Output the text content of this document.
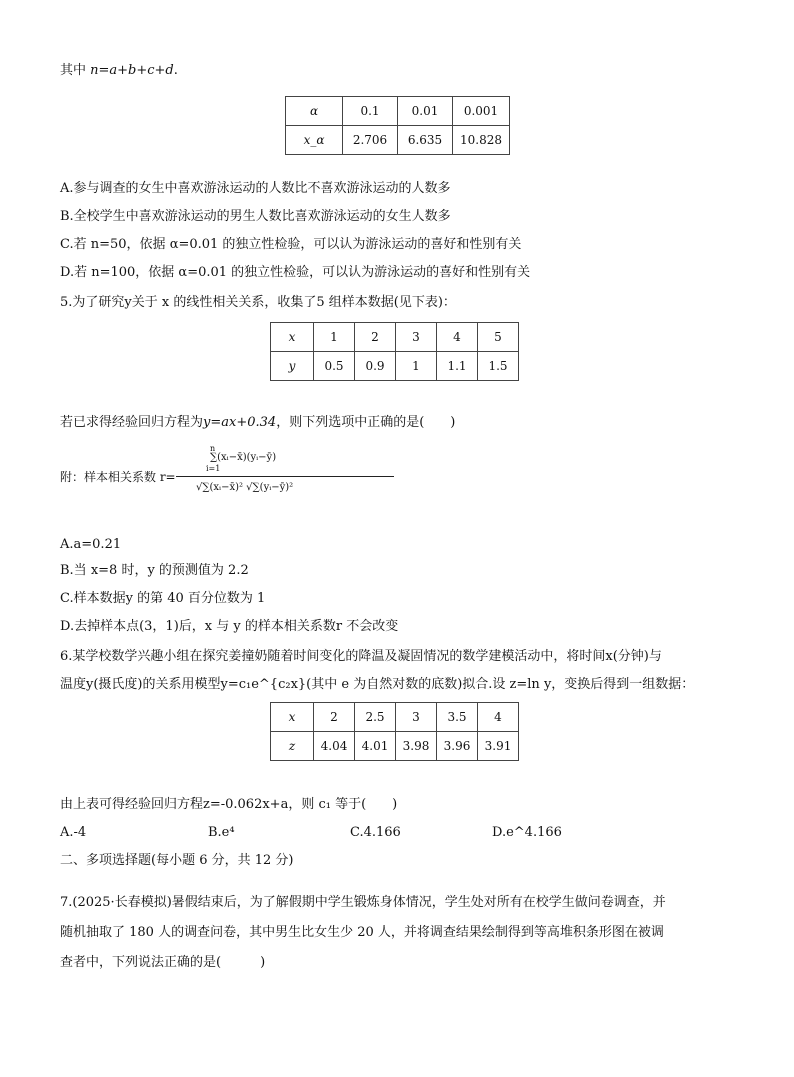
其中 n=a+b+c+d.
α	0.1	0.01	0.001
x_α	2.706	6.635	10.828
A.参与调查的女生中喜欢游泳运动的人数比不喜欢游泳运动的人数多
B.全校学生中喜欢游泳运动的男生人数比喜欢游泳运动的女生人数多
C.若 n=50，依据 α=0.01 的独立性检验，可以认为游泳运动的喜好和性别有关
D.若 n=100，依据 α=0.01 的独立性检验，可以认为游泳运动的喜好和性别有关
5.为了研究y关于 x 的线性相关关系，收集了5 组样本数据(见下表)：
x	1	2	3	4	5
y	0.5	0.9	1	1.1	1.5
若已求得经验回归方程为y=ax+0.34，则下列选项中正确的是(　　)
附：样本相关系数 r=
n
∑(xᵢ−x̄)(yᵢ−ȳ)
i=1
√∑(xᵢ−x̄)² √∑(yᵢ−ȳ)²
A.a=0.21
B.当 x=8 时，y 的预测值为 2.2
C.样本数据y 的第 40 百分位数为 1
D.去掉样本点(3，1)后，x 与 y 的样本相关系数r 不会改变
6.某学校数学兴趣小组在探究姜撞奶随着时间变化的降温及凝固情况的数学建模活动中，将时间x(分钟)与
温度y(摄氏度)的关系用模型y=c₁e^{c₂x}(其中 e 为自然对数的底数)拟合.设 z=ln y，变换后得到一组数据：
x	2	2.5	3	3.5	4
z	4.04	4.01	3.98	3.96	3.91
由上表可得经验回归方程z=-0.062x+a，则 c₁ 等于(　　)
A.-4	B.e⁴	C.4.166	D.e^4.166
二、多项选择题(每小题 6 分，共 12 分)
7.(2025·长春模拟)暑假结束后，为了解假期中学生锻炼身体情况，学生处对所有在校学生做问卷调查，并
随机抽取了 180 人的调查问卷，其中男生比女生少 20 人，并将调查结果绘制得到等高堆积条形图在被调
查者中，下列说法正确的是(　　　)
